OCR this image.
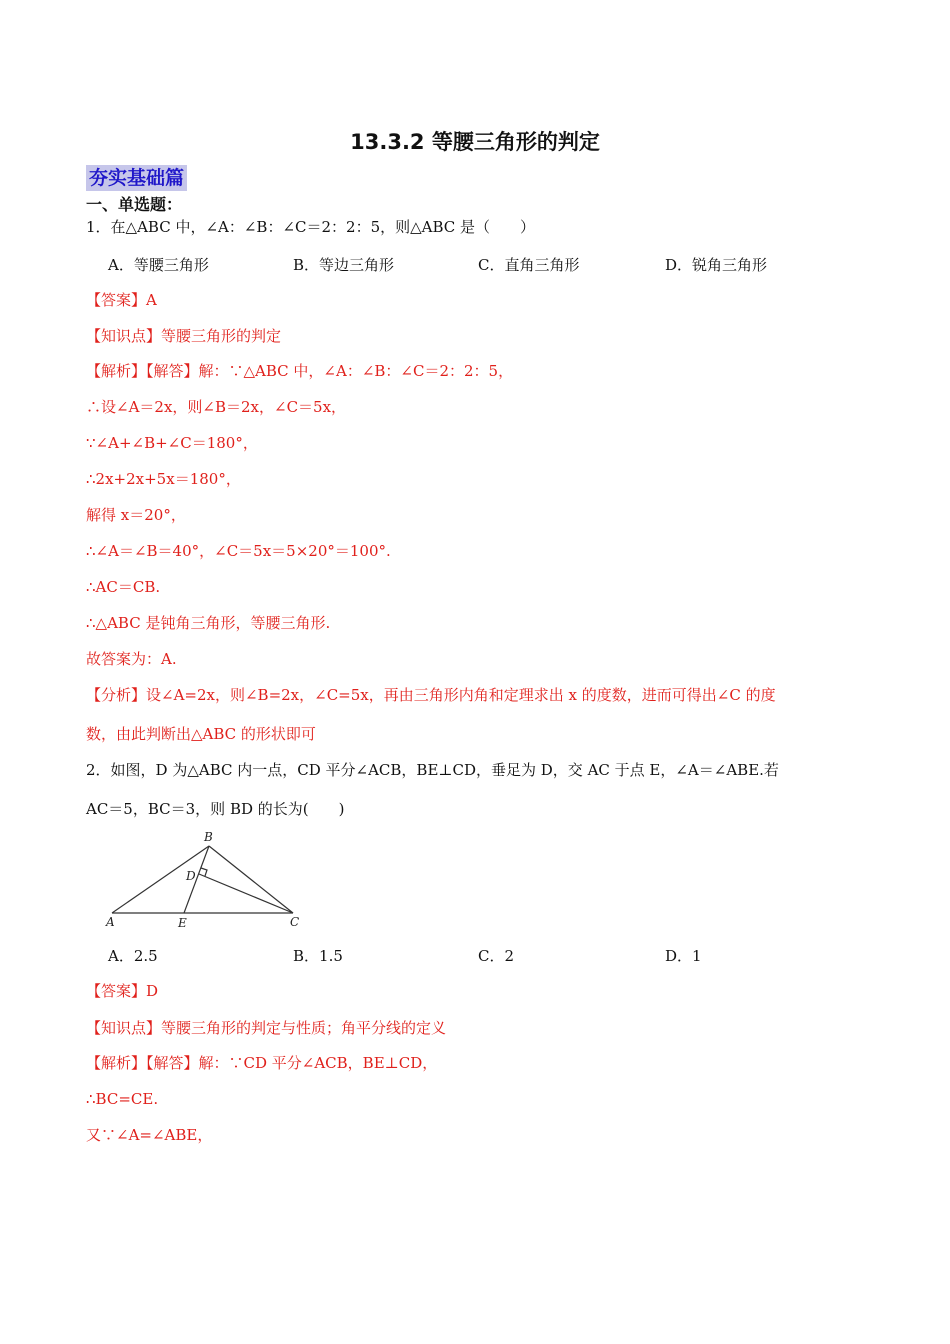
13.3.2 等腰三角形的判定
夯实基础篇
一、单选题：
1．在△ABC 中，∠A：∠B：∠C＝2：2：5，则△ABC 是（　　）
A．等腰三角形	B．等边三角形	C．直角三角形	D．锐角三角形
【答案】A
【知识点】等腰三角形的判定
【解析】【解答】解：∵△ABC 中，∠A：∠B：∠C＝2：2：5，
∴设∠A＝2x，则∠B＝2x，∠C＝5x，
∵∠A+∠B+∠C＝180°，
∴2x+2x+5x＝180°，
解得 x＝20°，
∴∠A＝∠B＝40°，∠C＝5x＝5×20°＝100°.
∴AC＝CB.
∴△ABC 是钝角三角形，等腰三角形.
故答案为：A.
【分析】设∠A=2x，则∠B=2x，∠C=5x，再由三角形内角和定理求出 x 的度数，进而可得出∠C 的度
数，由此判断出△ABC 的形状即可
2．如图，D 为△ABC 内一点，CD 平分∠ACB，BE⊥CD，垂足为 D，交 AC 于点 E，∠A＝∠ABE.若
AC＝5，BC＝3，则 BD 的长为(　　)
B
D
A	E	C
A．2.5	B．1.5	C．2	D．1
【答案】D
【知识点】等腰三角形的判定与性质；角平分线的定义
【解析】【解答】解：∵CD 平分∠ACB，BE⊥CD，
∴BC=CE.
又∵∠A=∠ABE，
